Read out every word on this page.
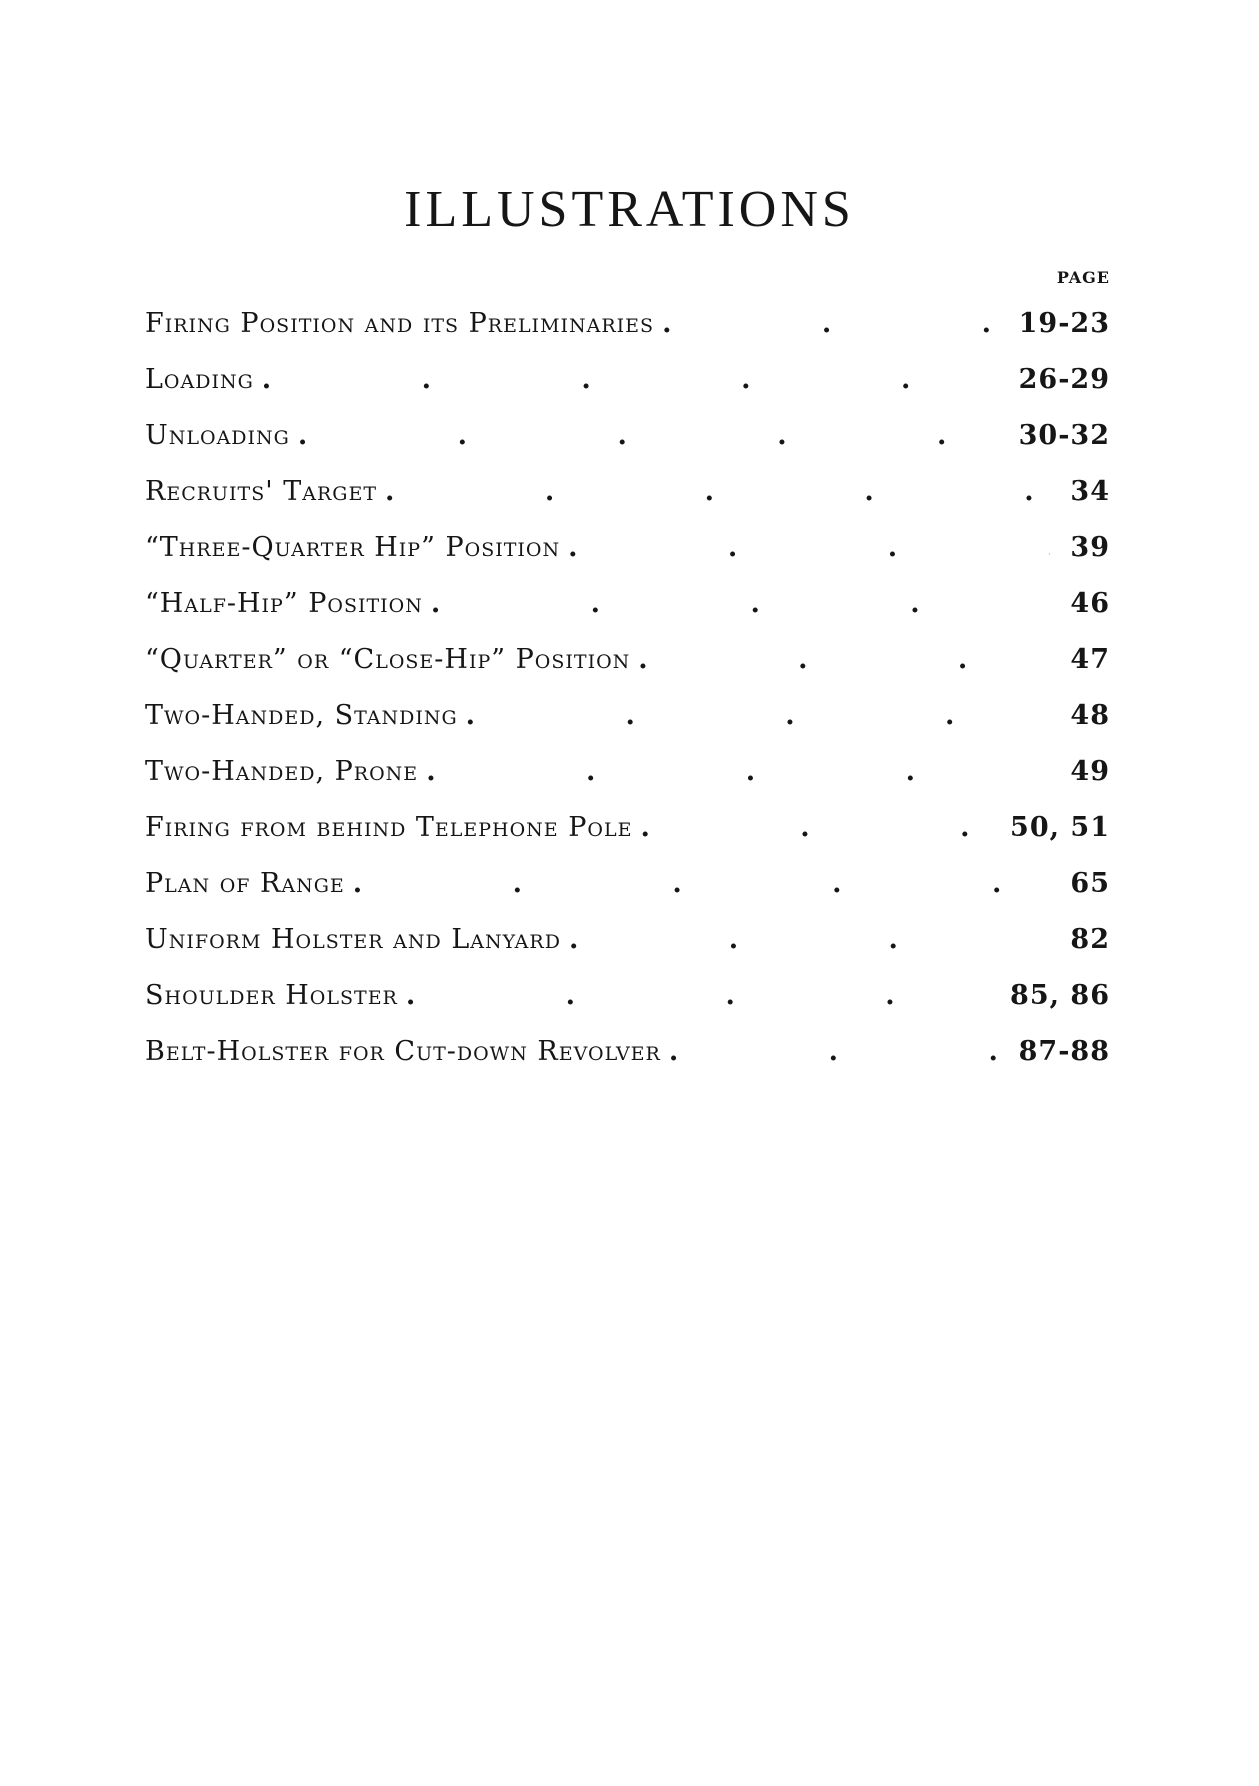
ILLUSTRATIONS
PAGE
Firing Position and its Preliminaries .	19-23
Loading .	26-29
Unloading .	30-32
Recruits' Target .	34
“Three-Quarter Hip” Position .	39
“Half-Hip” Position .	46
“Quarter” or “Close-Hip” Position .	47
Two-Handed, Standing .	48
Two-Handed, Prone .	49
Firing from behind Telephone Pole .	50, 51
Plan of Range .	65
Uniform Holster and Lanyard .	82
Shoulder Holster .	85, 86
Belt-Holster for Cut-down Revolver .	87-88
